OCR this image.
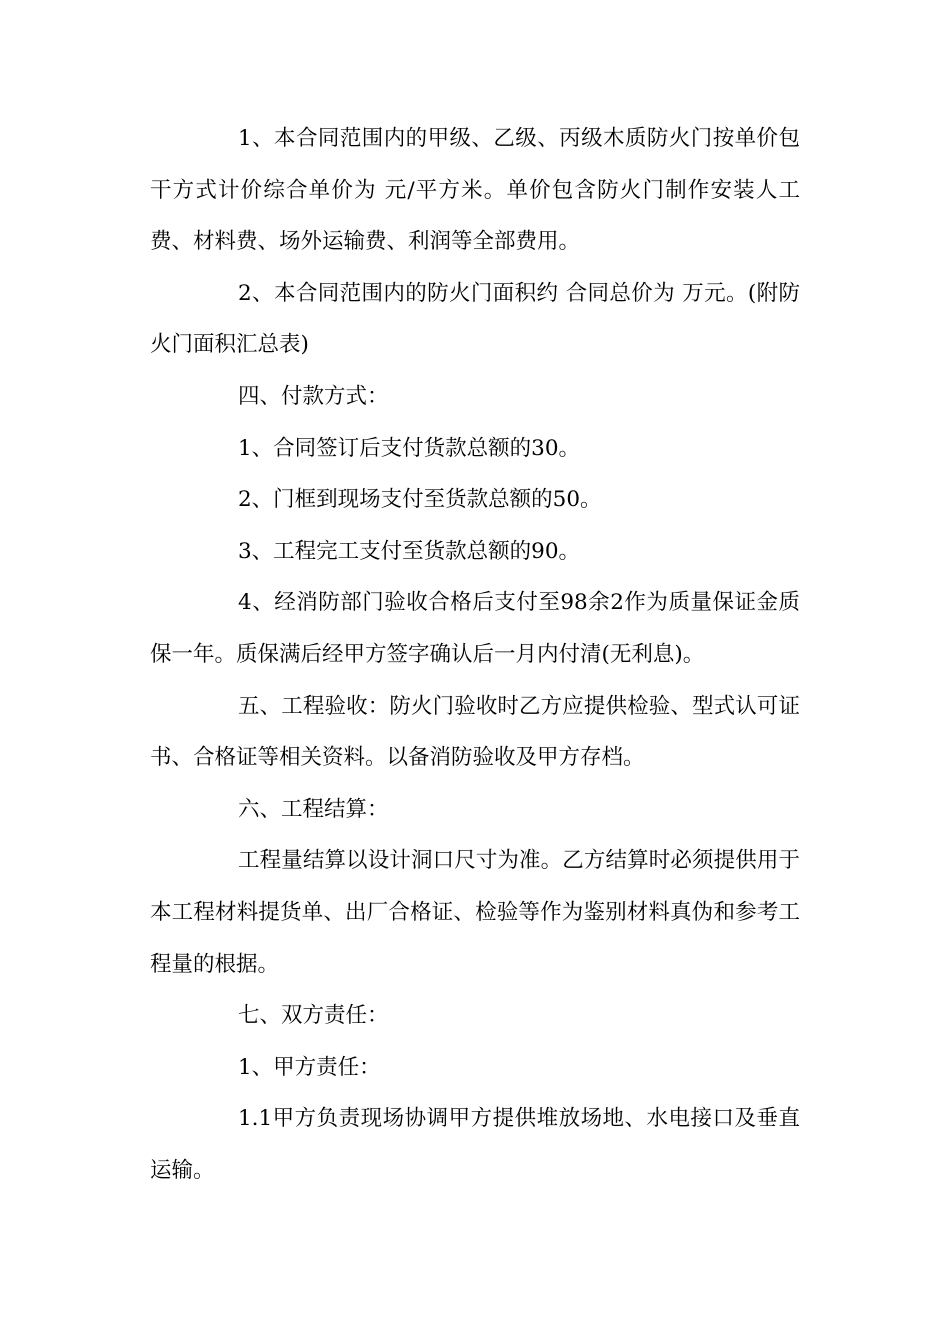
1、本合同范围内的甲级、乙级、丙级木质防火门按单价包干方式计价综合单价为 元/平方米。单价包含防火门制作安装人工费、材料费、场外运输费、利润等全部费用。

2、本合同范围内的防火门面积约 合同总价为 万元。(附防火门面积汇总表)

四、付款方式：

1、合同签订后支付货款总额的30。

2、门框到现场支付至货款总额的50。

3、工程完工支付至货款总额的90。

4、经消防部门验收合格后支付至98余2作为质量保证金质保一年。质保满后经甲方签字确认后一月内付清(无利息)。

五、工程验收：防火门验收时乙方应提供检验、型式认可证书、合格证等相关资料。以备消防验收及甲方存档。

六、工程结算：

工程量结算以设计洞口尺寸为准。乙方结算时必须提供用于本工程材料提货单、出厂合格证、检验等作为鉴别材料真伪和参考工程量的根据。

七、双方责任：

1、甲方责任：

1.1甲方负责现场协调甲方提供堆放场地、水电接口及垂直运输。
